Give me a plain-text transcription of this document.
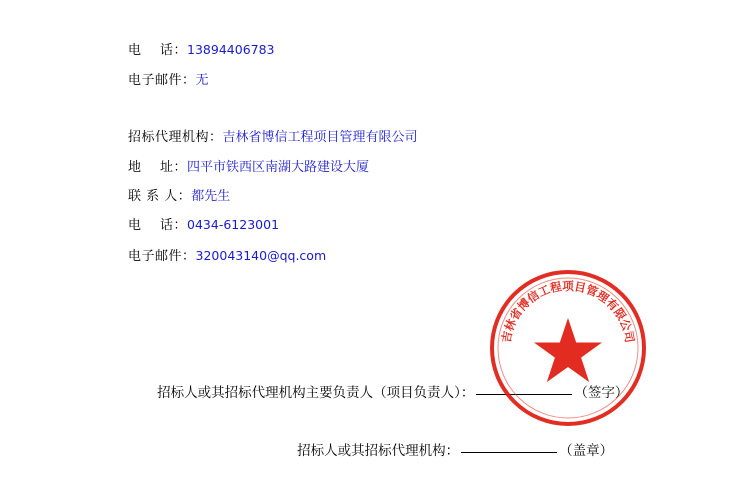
电    话： 13894406783
电子邮件： 无
招标代理机构： 吉林省博信工程项目管理有限公司
地    址： 四平市铁西区南湖大路建设大厦
联 系 人： 都先生
电    话： 0434-6123001
电子邮件： 320043140@qq.com

招标人或其招标代理机构主要负责人（项目负责人）：	（签字）

招标人或其招标代理机构：	（盖章）

吉林省博信工程项目管理有限公司
